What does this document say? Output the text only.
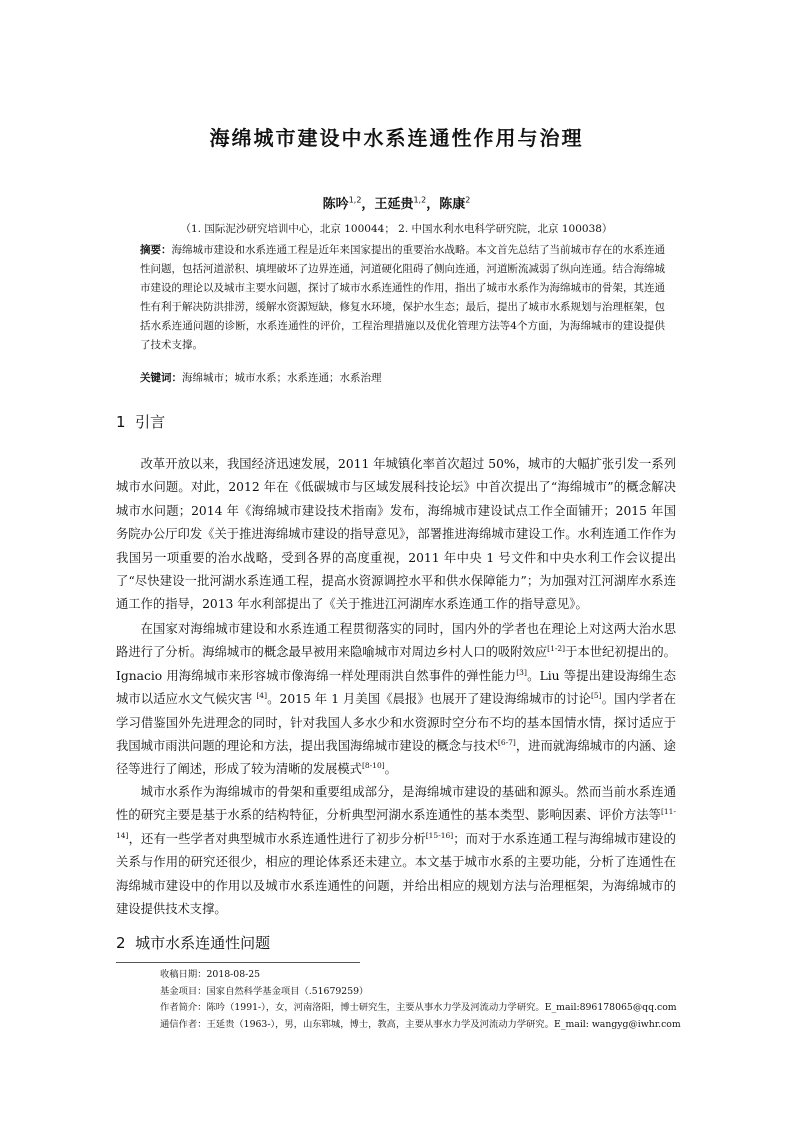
海绵城市建设中水系连通性作用与治理
陈吟$^{1,2}$，王延贵$^{1,2}$，陈康$^2$
（1. 国际泥沙研究培训中心，北京 100044； 2. 中国水利水电科学研究院，北京 100038）
摘要：海绵城市建设和水系连通工程是近年来国家提出的重要治水战略。本文首先总结了当前城市存在的水系连通性问题，包括河道淤积、填埋破坏了边界连通，河道硬化阻碍了侧向连通，河道断流减弱了纵向连通。结合海绵城市建设的理论以及城市主要水问题，探讨了城市水系连通性的作用，指出了城市水系作为海绵城市的骨架，其连通性有利于解决防洪排涝，缓解水资源短缺，修复水环境，保护水生态；最后，提出了城市水系规划与治理框架，包括水系连通问题的诊断，水系连通性的评价，工程治理措施以及优化管理方法等4个方面，为海绵城市的建设提供了技术支撑。
关键词：海绵城市；城市水系；水系连通；水系治理
1 引言
改革开放以来，我国经济迅速发展，2011 年城镇化率首次超过 50%，城市的大幅扩张引发一系列城市水问题。对此，2012 年在《低碳城市与区域发展科技论坛》中首次提出了“海绵城市”的概念解决城市水问题；2014 年《海绵城市建设技术指南》发布，海绵城市建设试点工作全面铺开；2015 年国务院办公厅印发《关于推进海绵城市建设的指导意见》，部署推进海绵城市建设工作。水利连通工作作为我国另一项重要的治水战略，受到各界的高度重视，2011 年中央 1 号文件和中央水利工作会议提出了“尽快建设一批河湖水系连通工程，提高水资源调控水平和供水保障能力”；为加强对江河湖库水系连通工作的指导，2013 年水利部提出了《关于推进江河湖库水系连通工作的指导意见》。
在国家对海绵城市建设和水系连通工程贯彻落实的同时，国内外的学者也在理论上对这两大治水思路进行了分析。海绵城市的概念最早被用来隐喻城市对周边乡村人口的吸附效应[1-2]于本世纪初提出的。Ignacio 用海绵城市来形容城市像海绵一样处理雨洪自然事件的弹性能力[3]。Liu 等提出建设海绵生态城市以适应水文气候灾害 [4]。2015 年 1 月美国《晨报》也展开了建设海绵城市的讨论[5]。国内学者在学习借鉴国外先进理念的同时，针对我国人多水少和水资源时空分布不均的基本国情水情，探讨适应于我国城市雨洪问题的理论和方法，提出我国海绵城市建设的概念与技术[6-7]，进而就海绵城市的内涵、途径等进行了阐述，形成了较为清晰的发展模式[8-10]。
城市水系作为海绵城市的骨架和重要组成部分，是海绵城市建设的基础和源头。然而当前水系连通性的研究主要是基于水系的结构特征，分析典型河湖水系连通性的基本类型、影响因素、评价方法等[11-14]，还有一些学者对典型城市水系连通性进行了初步分析[15-16]；而对于水系连通工程与海绵城市建设的关系与作用的研究还很少，相应的理论体系还未建立。本文基于城市水系的主要功能，分析了连通性在海绵城市建设中的作用以及城市水系连通性的问题，并给出相应的规划方法与治理框架，为海绵城市的建设提供技术支撑。
2 城市水系连通性问题
收稿日期：2018-08-25
基金项目：国家自然科学基金项目（.51679259）
作者简介：陈吟（1991-），女，河南洛阳，博士研究生，主要从事水力学及河流动力学研究。E_mail:896178065@qq.com
通信作者：王延贵（1963-），男，山东郓城，博士，教高，主要从事水力学及河流动力学研究。E_mail: wangyg@iwhr.com
